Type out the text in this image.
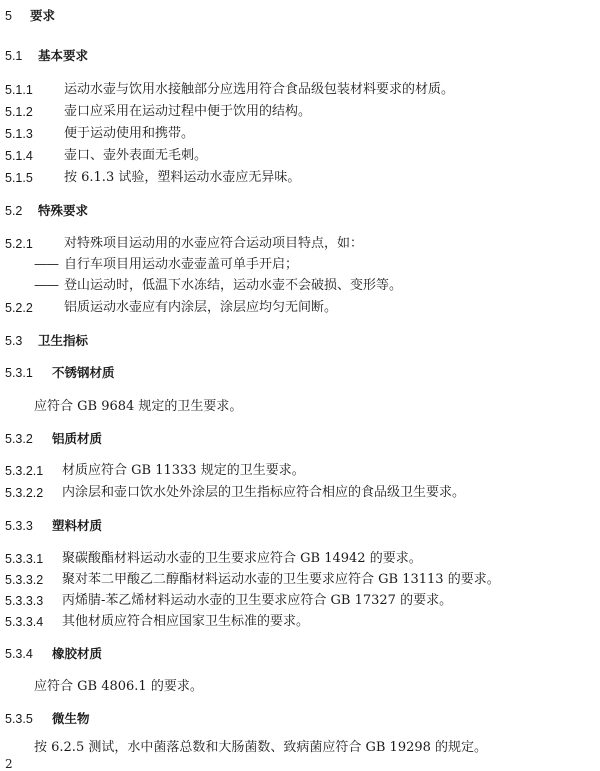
5 要求
5.1 基本要求
5.1.1 运动水壶与饮用水接触部分应选用符合食品级包装材料要求的材质。
5.1.2 壶口应采用在运动过程中便于饮用的结构。
5.1.3 便于运动使用和携带。
5.1.4 壶口、壶外表面无毛刺。
5.1.5 按 6.1.3 试验，塑料运动水壶应无异味。
5.2 特殊要求
5.2.1 对特殊项目运动用的水壶应符合运动项目特点，如：
—— 自行车项目用运动水壶壶盖可单手开启；
—— 登山运动时，低温下水冻结，运动水壶不会破损、变形等。
5.2.2 铝质运动水壶应有内涂层，涂层应均匀无间断。
5.3 卫生指标
5.3.1 不锈钢材质
应符合 GB 9684 规定的卫生要求。
5.3.2 铝质材质
5.3.2.1 材质应符合 GB 11333 规定的卫生要求。
5.3.2.2 内涂层和壶口饮水处外涂层的卫生指标应符合相应的食品级卫生要求。
5.3.3 塑料材质
5.3.3.1 聚碳酸酯材料运动水壶的卫生要求应符合 GB 14942 的要求。
5.3.3.2 聚对苯二甲酸乙二醇酯材料运动水壶的卫生要求应符合 GB 13113 的要求。
5.3.3.3 丙烯腈-苯乙烯材料运动水壶的卫生要求应符合 GB 17327 的要求。
5.3.3.4 其他材质应符合相应国家卫生标准的要求。
5.3.4 橡胶材质
应符合 GB 4806.1 的要求。
5.3.5 微生物
按 6.2.5 测试，水中菌落总数和大肠菌数、致病菌应符合 GB 19298 的规定。
2
